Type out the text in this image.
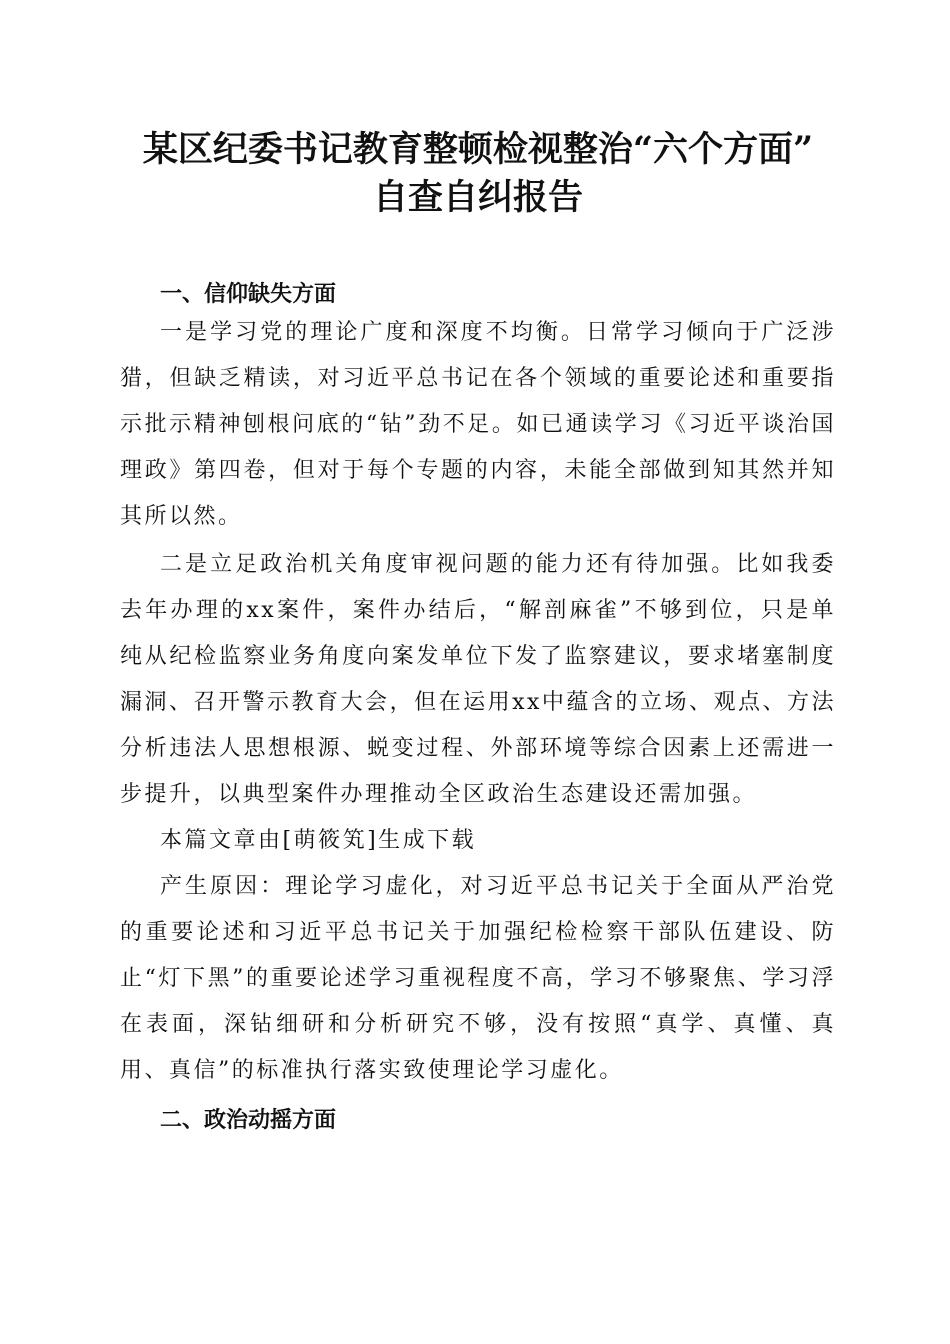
某区纪委书记教育整顿检视整治“六个方面”
自查自纠报告
一、信仰缺失方面

一是学习党的理论广度和深度不均衡。日常学习倾向于广泛涉猎，但缺乏精读，对习近平总书记在各个领域的重要论述和重要指示批示精神刨根问底的“钻”劲不足。如已通读学习《习近平谈治国理政》第四卷，但对于每个专题的内容，未能全部做到知其然并知其所以然。

二是立足政治机关角度审视问题的能力还有待加强。比如我委去年办理的xx案件，案件办结后，“解剖麻雀”不够到位，只是单纯从纪检监察业务角度向案发单位下发了监察建议，要求堵塞制度漏洞、召开警示教育大会，但在运用xx中蕴含的立场、观点、方法分析违法人思想根源、蜕变过程、外部环境等综合因素上还需进一步提升，以典型案件办理推动全区政治生态建设还需加强。

本篇文章由[萌筱笂]生成下载

产生原因：理论学习虚化，对习近平总书记关于全面从严治党的重要论述和习近平总书记关于加强纪检检察干部队伍建设、防止“灯下黑”的重要论述学习重视程度不高，学习不够聚焦、学习浮在表面，深钻细研和分析研究不够，没有按照“真学、真懂、真用、真信”的标准执行落实致使理论学习虚化。

二、政治动摇方面
